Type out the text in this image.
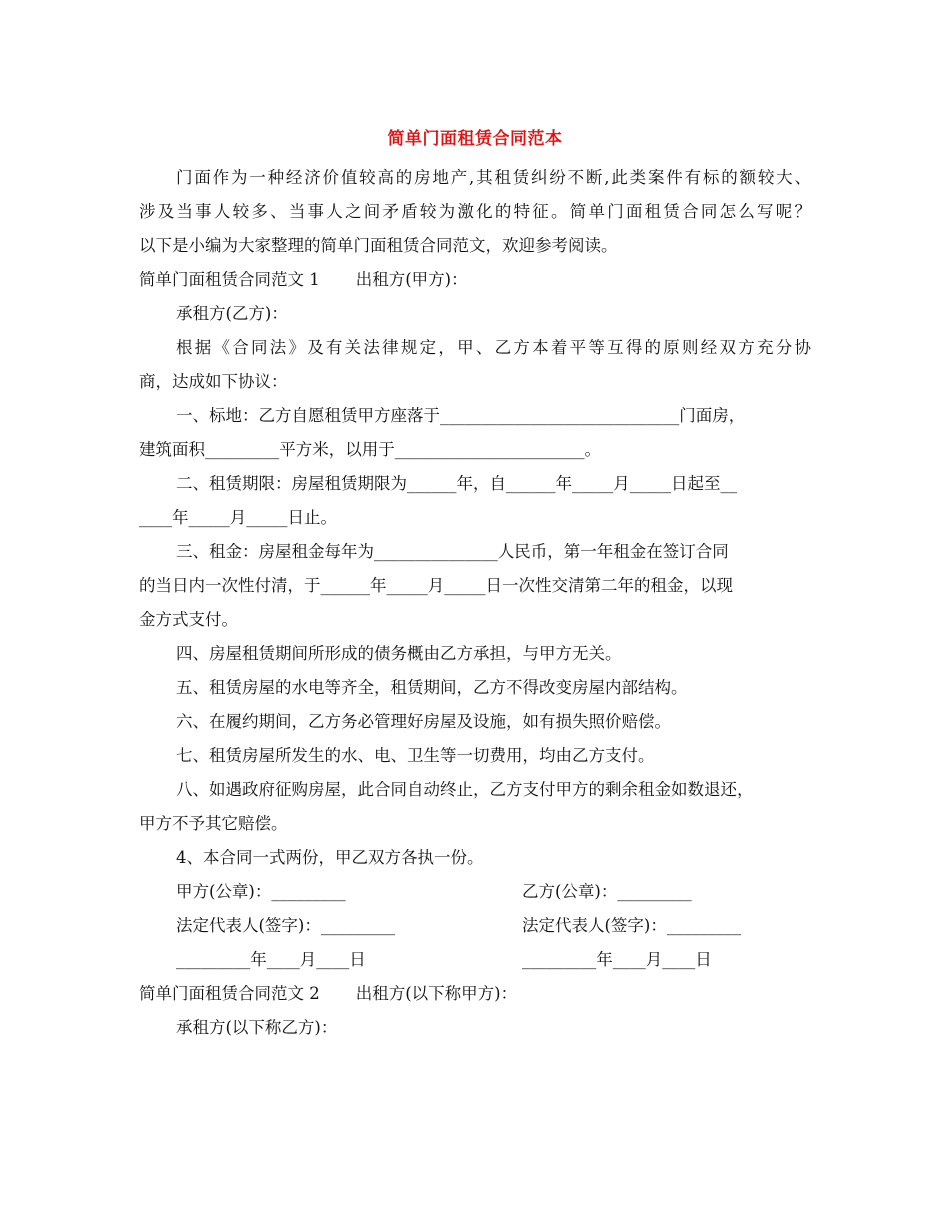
简单门面租赁合同范本
门面作为一种经济价值较高的房地产,其租赁纠纷不断,此类案件有标的额较大、
涉及当事人较多、当事人之间矛盾较为激化的特征。简单门面租赁合同怎么写呢？
以下是小编为大家整理的简单门面租赁合同范文，欢迎参考阅读。
简单门面租赁合同范文 1 出租方(甲方)：
承租方(乙方)：
根据《合同法》及有关法律规定，甲、乙方本着平等互得的原则经双方充分协
商，达成如下协议：
一、标地：乙方自愿租赁甲方座落于_____________________________门面房，
建筑面积_________平方米，以用于_______________________。
二、租赁期限：房屋租赁期限为______年，自______年_____月_____日起至__
____年_____月_____日止。
三、租金：房屋租金每年为_______________人民币，第一年租金在签订合同
的当日内一次性付清，于______年_____月_____日一次性交清第二年的租金，以现
金方式支付。
四、房屋租赁期间所形成的债务概由乙方承担，与甲方无关。
五、租赁房屋的水电等齐全，租赁期间，乙方不得改变房屋内部结构。
六、在履约期间，乙方务必管理好房屋及设施，如有损失照价赔偿。
七、租赁房屋所发生的水、电、卫生等一切费用，均由乙方支付。
八、如遇政府征购房屋，此合同自动终止，乙方支付甲方的剩余租金如数退还，
甲方不予其它赔偿。
4、本合同一式两份，甲乙双方各执一份。
甲方(公章)：_________	乙方(公章)：_________
法定代表人(签字)：_________	法定代表人(签字)：_________
_________年____月____日	_________年____月____日
简单门面租赁合同范文 2 出租方(以下称甲方)：
承租方(以下称乙方)：
